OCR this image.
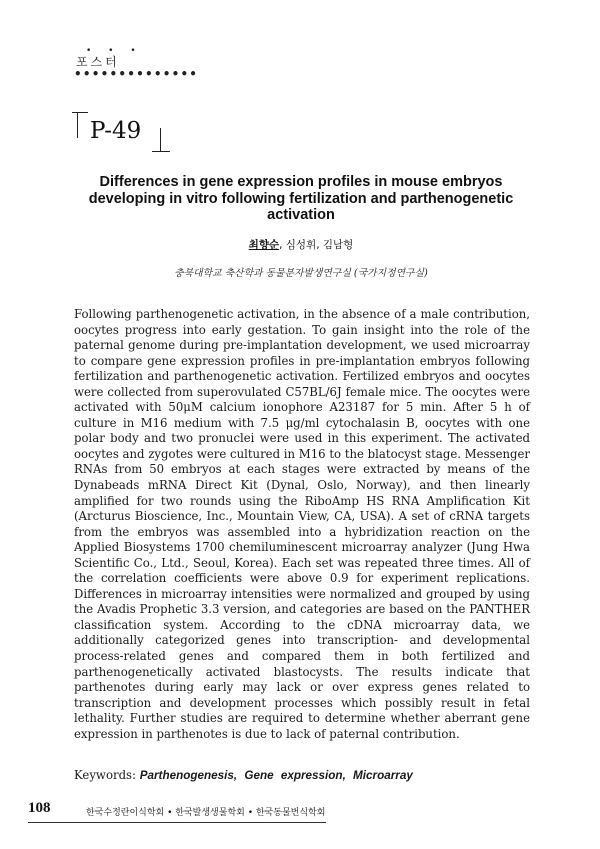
• • •
포스터
••••••••••••••
P-49
Differences in gene expression profiles in mouse embryos developing in vitro following fertilization and parthenogenetic activation
최향순, 심성휘, 김남형
충북대학교 축산학과 동물분자발생연구실 (국가지정연구실)
Following parthenogenetic activation, in the absence of a male contribution, oocytes progress into early gestation. To gain insight into the role of the paternal genome during pre-implantation development, we used microarray to compare gene expression profiles in pre-implantation embryos following fertilization and parthenogenetic activation. Fertilized embryos and oocytes were collected from superovulated C57BL/6J female mice. The oocytes were activated with 50μM calcium ionophore A23187 for 5 min. After 5 h of culture in M16 medium with 7.5 μg/ml cytochalasin B, oocytes with one polar body and two pronuclei were used in this experiment. The activated oocytes and zygotes were cultured in M16 to the blatocyst stage. Messenger RNAs from 50 embryos at each stages were extracted by means of the Dynabeads mRNA Direct Kit (Dynal, Oslo, Norway), and then linearly amplified for two rounds using the RiboAmp HS RNA Amplification Kit (Arcturus Bioscience, Inc., Mountain View, CA, USA). A set of cRNA targets from the embryos was assembled into a hybridization reaction on the Applied Biosystems 1700 chemiluminescent microarray analyzer (Jung Hwa Scientific Co., Ltd., Seoul, Korea). Each set was repeated three times. All of the correlation coefficients were above 0.9 for experiment replications. Differences in microarray intensities were normalized and grouped by using the Avadis Prophetic 3.3 version, and categories are based on the PANTHER classification system. According to the cDNA microarray data, we additionally categorized genes into transcription- and developmental process-related genes and compared them in both fertilized and parthenogenetically activated blastocysts. The results indicate that parthenotes during early may lack or over express genes related to transcription and development processes which possibly result in fetal lethality. Further studies are required to determine whether aberrant gene expression in parthenotes is due to lack of paternal contribution.
Keywords: Parthenogenesis, Gene expression, Microarray
108	한국수정란이식학회 • 한국발생생물학회 • 한국동물번식학회
